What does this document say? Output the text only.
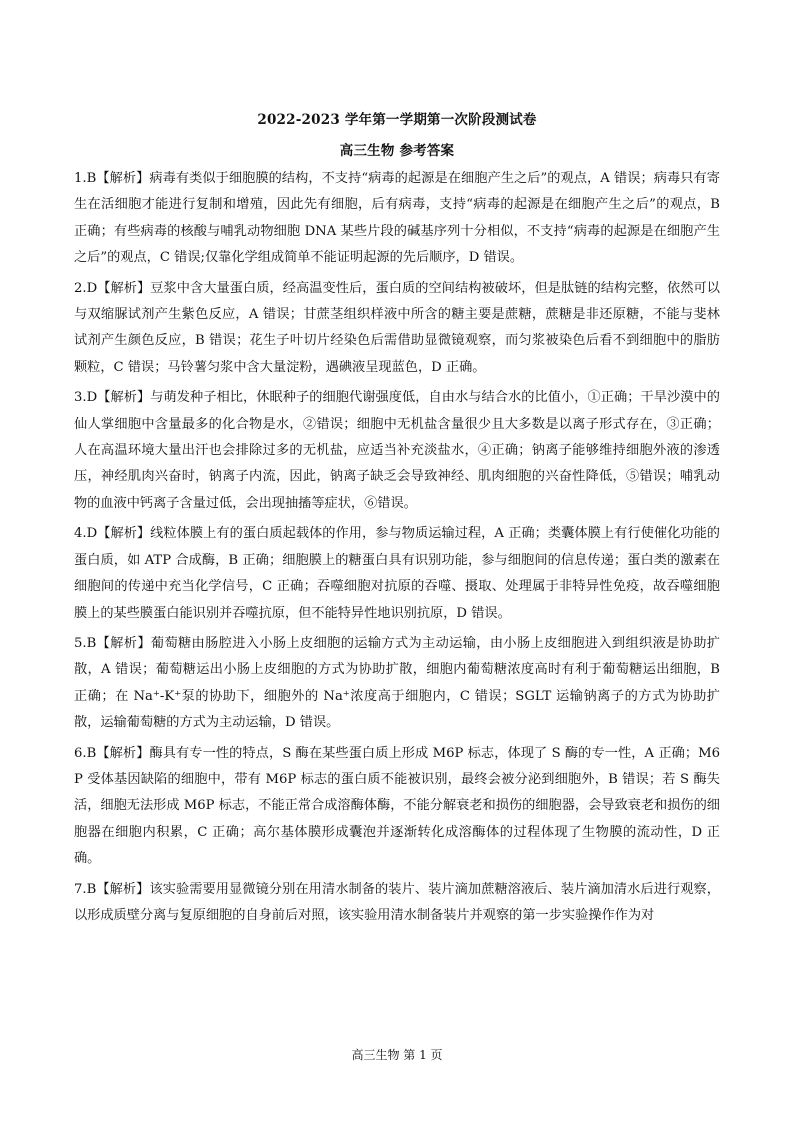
2022-2023 学年第一学期第一次阶段测试卷
高三生物 参考答案

1.B【解析】病毒有类似于细胞膜的结构，不支持“病毒的起源是在细胞产生之后”的观点，A 错误；病毒只有寄生在活细胞才能进行复制和增殖，因此先有细胞，后有病毒，支持“病毒的起源是在细胞产生之后”的观点，B 正确；有些病毒的核酸与哺乳动物细胞 DNA 某些片段的碱基序列十分相似，不支持“病毒的起源是在细胞产生之后”的观点，C 错误;仅靠化学组成简单不能证明起源的先后顺序，D 错误。

2.D【解析】豆浆中含大量蛋白质，经高温变性后，蛋白质的空间结构被破坏，但是肽链的结构完整，依然可以与双缩脲试剂产生紫色反应，A 错误；甘蔗茎组织样液中所含的糖主要是蔗糖，蔗糖是非还原糖，不能与斐林试剂产生颜色反应，B 错误；花生子叶切片经染色后需借助显微镜观察，而匀浆被染色后看不到细胞中的脂肪颗粒，C 错误；马铃薯匀浆中含大量淀粉，遇碘液呈现蓝色，D 正确。

3.D【解析】与萌发种子相比，休眠种子的细胞代谢强度低，自由水与结合水的比值小，①正确；干旱沙漠中的仙人掌细胞中含量最多的化合物是水，②错误；细胞中无机盐含量很少且大多数是以离子形式存在，③正确；人在高温环境大量出汗也会排除过多的无机盐，应适当补充淡盐水，④正确；钠离子能够维持细胞外液的渗透压，神经肌肉兴奋时，钠离子内流，因此，钠离子缺乏会导致神经、肌肉细胞的兴奋性降低，⑤错误；哺乳动物的血液中钙离子含量过低，会出现抽搐等症状，⑥错误。

4.D【解析】线粒体膜上有的蛋白质起载体的作用，参与物质运输过程，A 正确；类囊体膜上有行使催化功能的蛋白质，如 ATP 合成酶，B 正确；细胞膜上的糖蛋白具有识别功能，参与细胞间的信息传递；蛋白类的激素在细胞间的传递中充当化学信号，C 正确；吞噬细胞对抗原的吞噬、摄取、处理属于非特异性免疫，故吞噬细胞膜上的某些膜蛋白能识别并吞噬抗原，但不能特异性地识别抗原，D 错误。

5.B【解析】葡萄糖由肠腔进入小肠上皮细胞的运输方式为主动运输，由小肠上皮细胞进入到组织液是协助扩散，A 错误；葡萄糖运出小肠上皮细胞的方式为协助扩散，细胞内葡萄糖浓度高时有利于葡萄糖运出细胞，B 正确；在 Na⁺-K⁺泵的协助下，细胞外的 Na⁺浓度高于细胞内，C 错误；SGLT 运输钠离子的方式为协助扩散，运输葡萄糖的方式为主动运输，D 错误。

6.B【解析】酶具有专一性的特点，S 酶在某些蛋白质上形成 M6P 标志，体现了 S 酶的专一性，A 正确；M6P 受体基因缺陷的细胞中，带有 M6P 标志的蛋白质不能被识别，最终会被分泌到细胞外，B 错误；若 S 酶失活，细胞无法形成 M6P 标志，不能正常合成溶酶体酶，不能分解衰老和损伤的细胞器，会导致衰老和损伤的细胞器在细胞内积累，C 正确；高尔基体膜形成囊泡并逐渐转化成溶酶体的过程体现了生物膜的流动性，D 正确。

7.B【解析】该实验需要用显微镜分别在用清水制备的装片、装片滴加蔗糖溶液后、装片滴加清水后进行观察，以形成质壁分离与复原细胞的自身前后对照，该实验用清水制备装片并观察的第一步实验操作作为对

高三生物 第 1 页
